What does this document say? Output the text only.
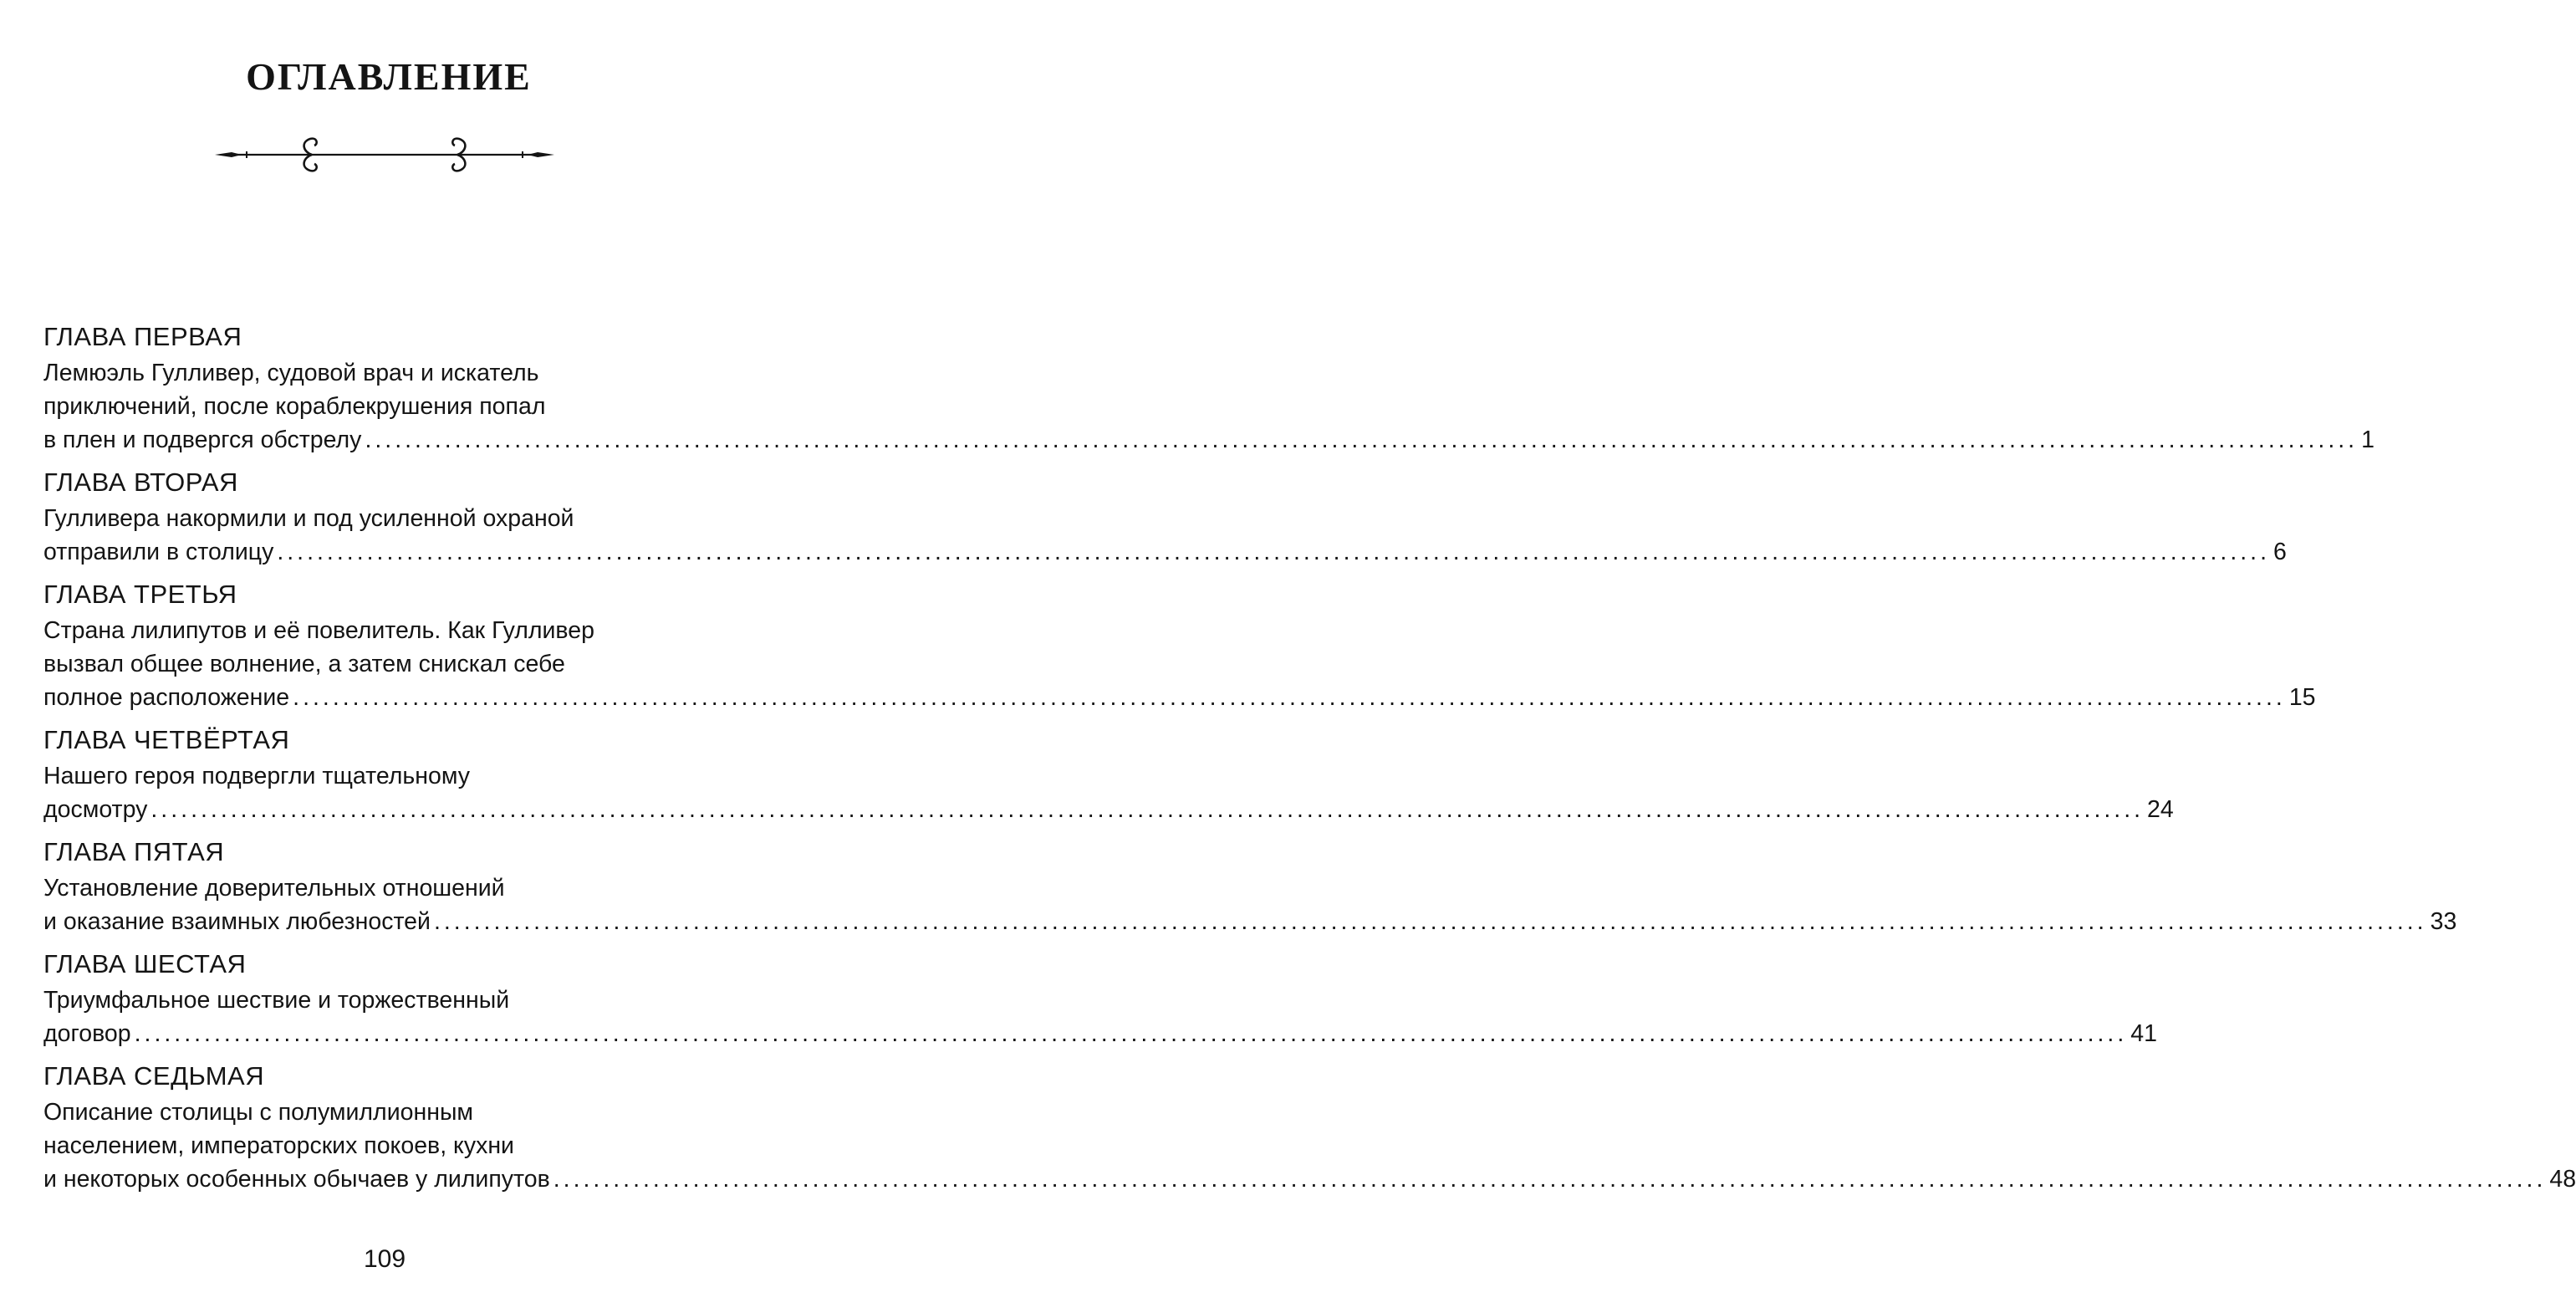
ОГЛАВЛЕНИЕ
ГЛАВА ПЕРВАЯ
Лемюэль Гулливер, судовой врач и искатель
приключений, после кораблекрушения попал
в плен и подвергся обстрелу ........................................................................................................................................................................................................ 1
ГЛАВА ВТОРАЯ
Гулливера накормили и под усиленной охраной
отправили в столицу ........................................................................................................................................................................................................ 6
ГЛАВА ТРЕТЬЯ
Страна лилипутов и её повелитель. Как Гулливер
вызвал общее волнение, а затем снискал себе
полное расположение ........................................................................................................................................................................................................ 15
ГЛАВА ЧЕТВЁРТАЯ
Нашего героя подвергли тщательному
досмотру ........................................................................................................................................................................................................ 24
ГЛАВА ПЯТАЯ
Установление доверительных отношений
и оказание взаимных любезностей ........................................................................................................................................................................................................ 33
ГЛАВА ШЕСТАЯ
Триумфальное шествие и торжественный
договор ........................................................................................................................................................................................................ 41
ГЛАВА СЕДЬМАЯ
Описание столицы с полумиллионным
населением, императорских покоев, кухни
и некоторых особенных обычаев у лилипутов ........................................................................................................................................................................................................ 48
109
